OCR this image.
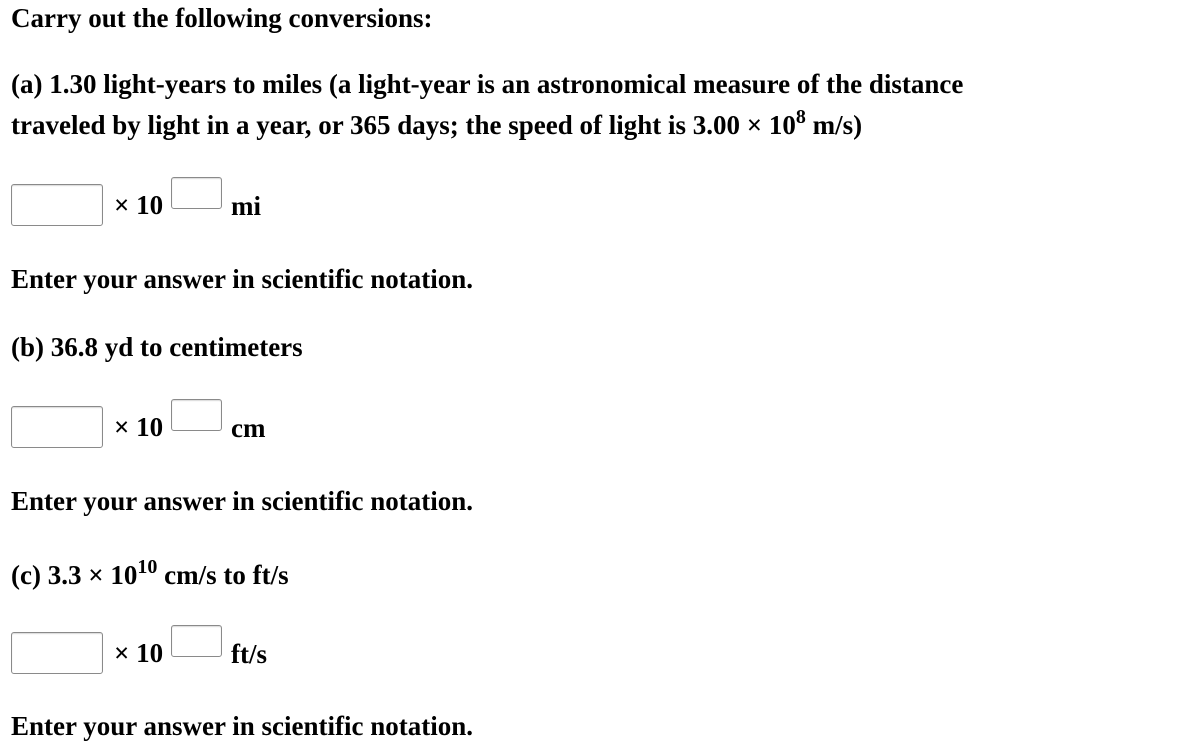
Carry out the following conversions:
(a) 1.30 light-years to miles (a light-year is an astronomical measure of the distance
traveled by light in a year, or 365 days; the speed of light is $3.00 \times 10^8$ m/s)
× 10	mi
Enter your answer in scientific notation.
(b) 36.8 yd to centimeters
× 10	cm
Enter your answer in scientific notation.
(c) $3.3 \times 10^{10}$ cm/s to ft/s
× 10	ft/s
Enter your answer in scientific notation.
